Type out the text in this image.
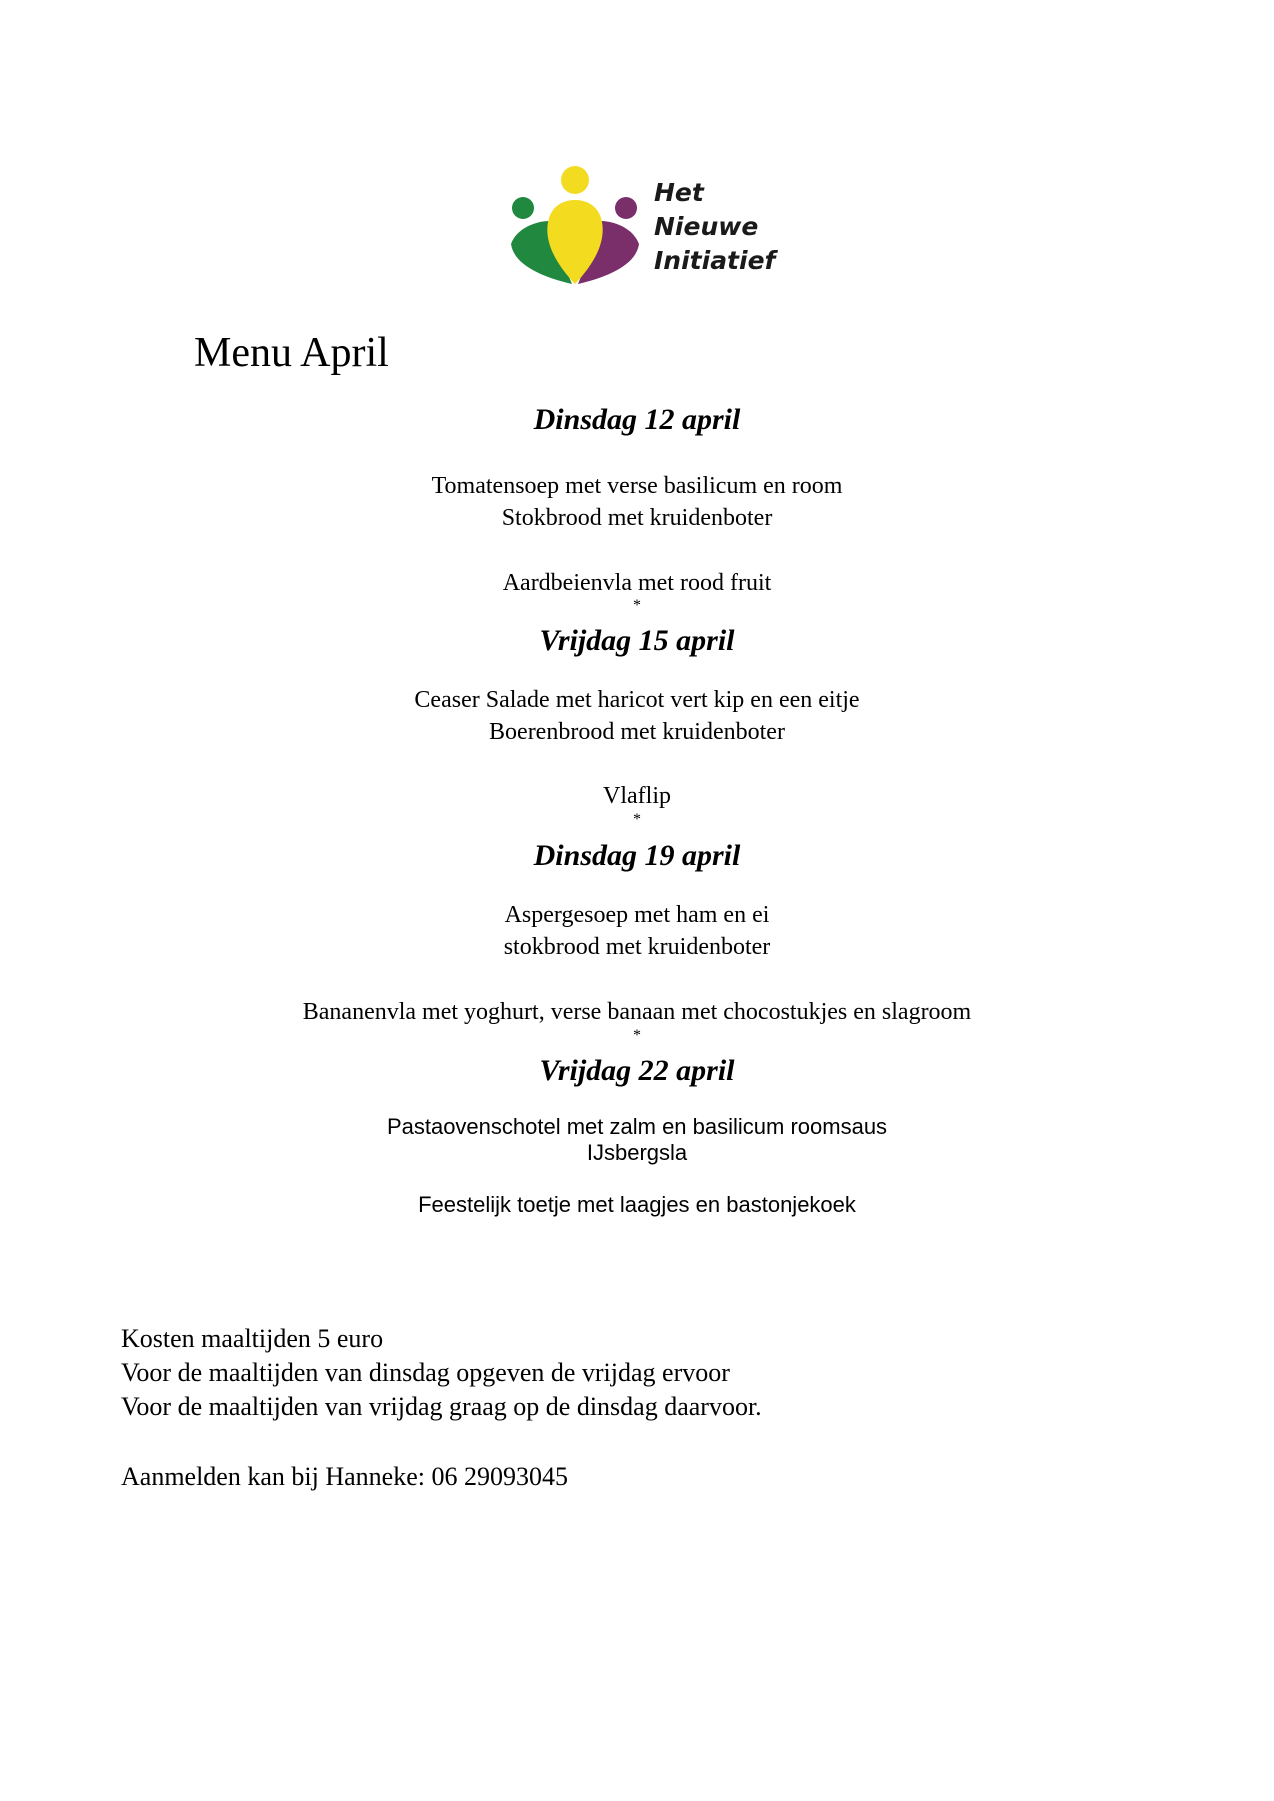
Het
Nieuwe
Initiatief
Menu April
Dinsdag 12 april
Tomatensoep met verse basilicum en room
Stokbrood met kruidenboter
Aardbeienvla met rood fruit
*
Vrijdag 15 april
Ceaser Salade met haricot vert kip en een eitje
Boerenbrood met kruidenboter
Vlaflip
*
Dinsdag 19 april
Aspergesoep met ham en ei
stokbrood met kruidenboter
Bananenvla met yoghurt, verse banaan met chocostukjes en slagroom
*
Vrijdag 22 april
Pastaovenschotel met zalm en basilicum roomsaus
IJsbergsla
Feestelijk toetje met laagjes en bastonjekoek
Kosten maaltijden 5 euro
Voor de maaltijden van dinsdag opgeven de vrijdag ervoor
Voor de maaltijden van vrijdag graag op de dinsdag daarvoor.
Aanmelden kan bij Hanneke: 06 29093045
